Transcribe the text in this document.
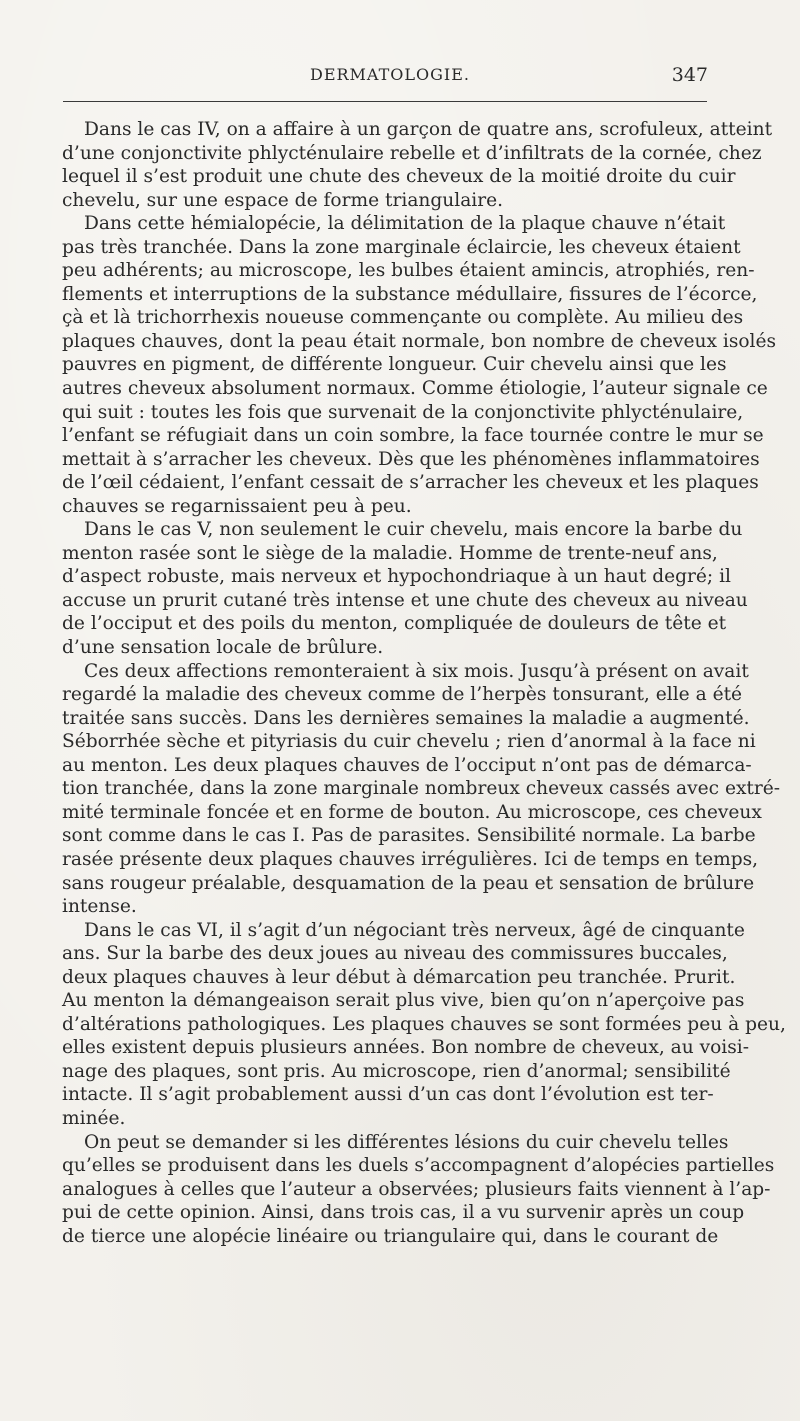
DERMATOLOGIE.	347

Dans le cas IV, on a affaire à un garçon de quatre ans, scrofuleux, atteint
d’une conjonctivite phlycténulaire rebelle et d’infiltrats de la cornée, chez
lequel il s’est produit une chute des cheveux de la moitié droite du cuir
chevelu, sur une espace de forme triangulaire.

Dans cette hémialopécie, la délimitation de la plaque chauve n’était
pas très tranchée. Dans la zone marginale éclaircie, les cheveux étaient
peu adhérents; au microscope, les bulbes étaient amincis, atrophiés, ren-
flements et interruptions de la substance médullaire, fissures de l’écorce,
çà et là trichorrhexis noueuse commençante ou complète. Au milieu des
plaques chauves, dont la peau était normale, bon nombre de cheveux isolés
pauvres en pigment, de différente longueur. Cuir chevelu ainsi que les
autres cheveux absolument normaux. Comme étiologie, l’auteur signale ce
qui suit : toutes les fois que survenait de la conjonctivite phlycténulaire,
l’enfant se réfugiait dans un coin sombre, la face tournée contre le mur se
mettait à s’arracher les cheveux. Dès que les phénomènes inflammatoires
de l’œil cédaient, l’enfant cessait de s’arracher les cheveux et les plaques
chauves se regarnissaient peu à peu.

Dans le cas V, non seulement le cuir chevelu, mais encore la barbe du
menton rasée sont le siège de la maladie. Homme de trente-neuf ans,
d’aspect robuste, mais nerveux et hypochondriaque à un haut degré; il
accuse un prurit cutané très intense et une chute des cheveux au niveau
de l’occiput et des poils du menton, compliquée de douleurs de tête et
d’une sensation locale de brûlure.

Ces deux affections remonteraient à six mois. Jusqu’à présent on avait
regardé la maladie des cheveux comme de l’herpès tonsurant, elle a été
traitée sans succès. Dans les dernières semaines la maladie a augmenté.
Séborrhée sèche et pityriasis du cuir chevelu ; rien d’anormal à la face ni
au menton. Les deux plaques chauves de l’occiput n’ont pas de démarca-
tion tranchée, dans la zone marginale nombreux cheveux cassés avec extré-
mité terminale foncée et en forme de bouton. Au microscope, ces cheveux
sont comme dans le cas I. Pas de parasites. Sensibilité normale. La barbe
rasée présente deux plaques chauves irrégulières. Ici de temps en temps,
sans rougeur préalable, desquamation de la peau et sensation de brûlure
intense.

Dans le cas VI, il s’agit d’un négociant très nerveux, âgé de cinquante
ans. Sur la barbe des deux joues au niveau des commissures buccales,
deux plaques chauves à leur début à démarcation peu tranchée. Prurit.
Au menton la démangeaison serait plus vive, bien qu’on n’aperçoive pas
d’altérations pathologiques. Les plaques chauves se sont formées peu à peu,
elles existent depuis plusieurs années. Bon nombre de cheveux, au voisi-
nage des plaques, sont pris. Au microscope, rien d’anormal; sensibilité
intacte. Il s’agit probablement aussi d’un cas dont l’évolution est ter-
minée.

On peut se demander si les différentes lésions du cuir chevelu telles
qu’elles se produisent dans les duels s’accompagnent d’alopécies partielles
analogues à celles que l’auteur a observées; plusieurs faits viennent à l’ap-
pui de cette opinion. Ainsi, dans trois cas, il a vu survenir après un coup
de tierce une alopécie linéaire ou triangulaire qui, dans le courant de
